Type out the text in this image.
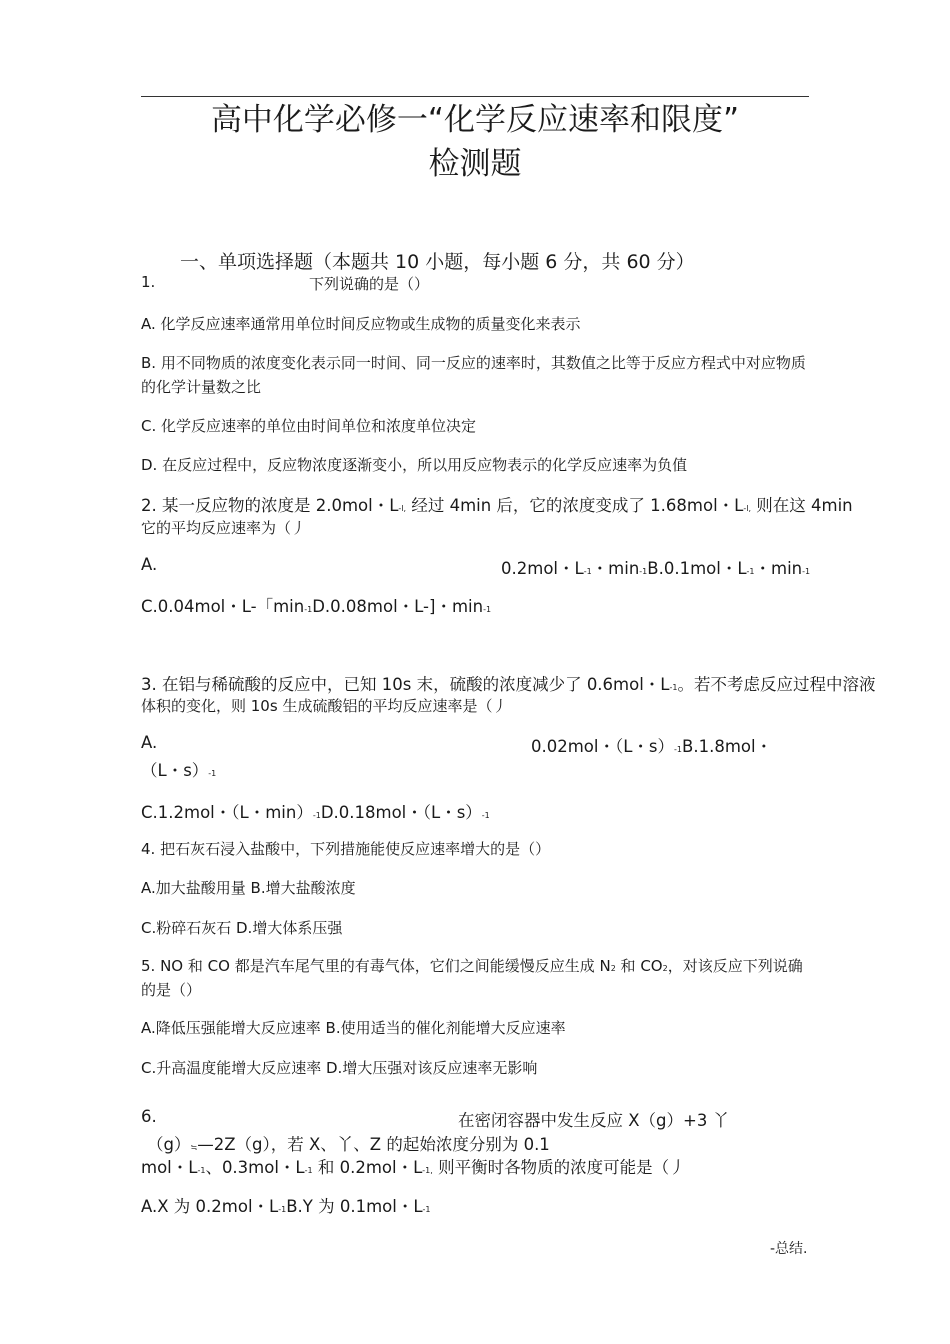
高中化学必修一“化学反应速率和限度”
检测题
一、单项选择题（本题共 10 小题，每小题 6 分，共 60 分）
1.	下列说确的是（）
A. 化学反应速率通常用单位时间反应物或生成物的质量变化来表示
B. 用不同物质的浓度变化表示同一时间、同一反应的速率时，其数值之比等于反应方程式中对应物质
的化学计量数之比
C. 化学反应速率的单位由时间单位和浓度单位决定
D. 在反应过程中，反应物浓度逐渐变小，所以用反应物表示的化学反应速率为负值
2. 某一反应物的浓度是 2.0mol・L-l, 经过 4min 后，它的浓度变成了 1.68mol・L-l, 则在这 4min
它的平均反应速率为（丿
A.	0.2mol・L-1・min-1B.0.1mol・L-1・min-1
C.0.04mol・L-「min-1D.0.08mol・L-]・min-1
3. 在铝与稀硫酸的反应中，已知 10s 末，硫酸的浓度减少了 0.6mol・L-1。若不考虑反应过程中溶液
体积的变化，则 10s 生成硫酸铝的平均反应速率是（丿
A.	0.02mol・（L・s）-1B.1.8mol・
（L・s）-1
C.1.2mol・（L・min）-1D.0.18mol・（L・s）-1
4. 把石灰石浸入盐酸中，下列措施能使反应速率增大的是（）
A.加大盐酸用量 B.增大盐酸浓度
C.粉碎石灰石 D.增大体系压强
5. NO 和 CO 都是汽车尾气里的有毒气体，它们之间能缓慢反应生成 N2 和 CO2，对该反应下列说确
的是（）
A.降低压强能增大反应速率 B.使用适当的催化剂能增大反应速率
C.升高温度能增大反应速率 D.增大压强对该反应速率无影响
6.	在密闭容器中发生反应 X（g）+3 丫
（g）≒—2Z（g），若 X、丫、Z 的起始浓度分别为 0.1
mol・L-1、0.3mol・L-1 和 0.2mol・L-1, 则平衡时各物质的浓度可能是（丿
A.X 为 0.2mol・L-1B.Y 为 0.1mol・L-1
-总结.
